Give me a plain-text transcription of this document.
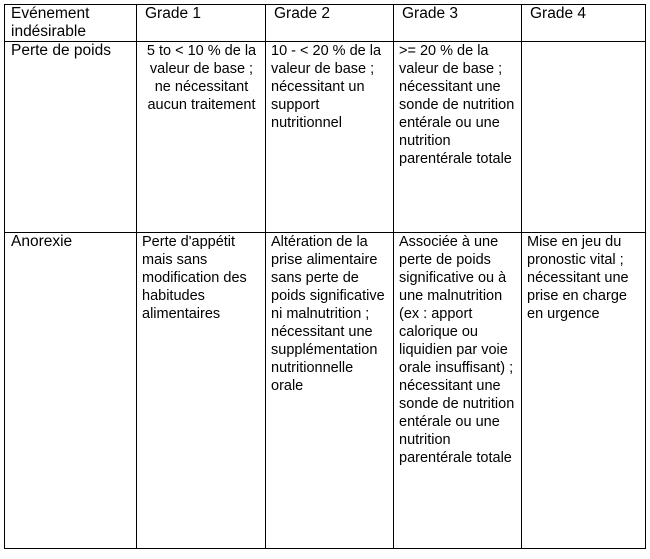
Evénement indésirable	Grade 1	Grade 2	Grade 3	Grade 4
Perte de poids	5 to < 10 % de la valeur de base ; ne nécessitant aucun traitement	10 - < 20 % de la valeur de base ; nécessitant un support nutritionnel	>= 20 % de la valeur de base ; nécessitant une sonde de nutrition entérale ou une nutrition parentérale totale	
Anorexie	Perte d'appétit mais sans modification des habitudes alimentaires	Altération de la prise alimentaire sans perte de poids significative ni malnutrition ; nécessitant une supplémentation nutritionnelle orale	Associée à une perte de poids significative ou à une malnutrition (ex : apport calorique ou liquidien par voie orale insuffisant) ; nécessitant une sonde de nutrition entérale ou une nutrition parentérale totale	Mise en jeu du pronostic vital ; nécessitant une prise en charge en urgence
